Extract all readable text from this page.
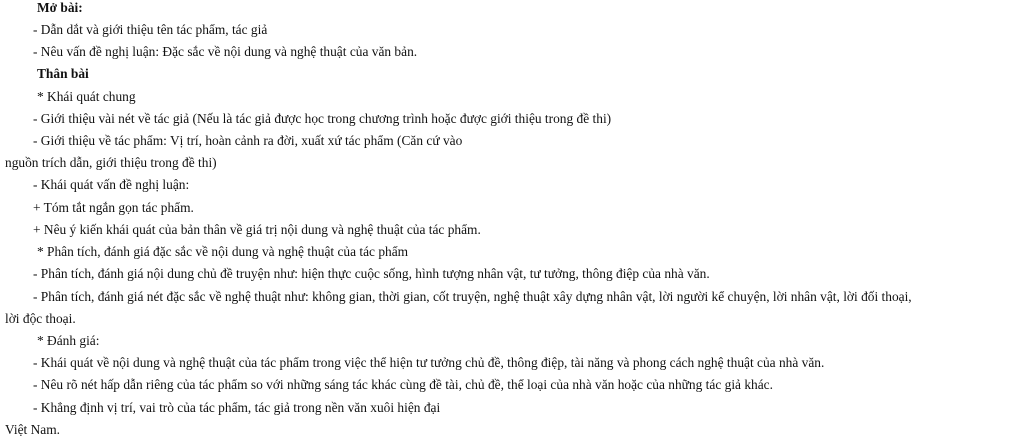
Mở bài:
- Dẫn dắt và giới thiệu tên tác phẩm, tác giả
- Nêu vấn đề nghị luận: Đặc sắc về nội dung và nghệ thuật của văn bản.
Thân bài
* Khái quát chung
- Giới thiệu vài nét về tác giả (Nếu là tác giả được học trong chương trình hoặc được giới thiệu trong đề thi)
- Giới thiệu về tác phẩm: Vị trí, hoàn cảnh ra đời, xuất xứ tác phẩm (Căn cứ vào
nguồn trích dẫn, giới thiệu trong đề thi)
- Khái quát vấn đề nghị luận:
+ Tóm tắt ngắn gọn tác phẩm.
+ Nêu ý kiến khái quát của bản thân về giá trị nội dung và nghệ thuật của tác phẩm.
* Phân tích, đánh giá đặc sắc về nội dung và nghệ thuật của tác phẩm
- Phân tích, đánh giá nội dung chủ đề truyện như: hiện thực cuộc sống, hình tượng nhân vật, tư tưởng, thông điệp của nhà văn.
- Phân tích, đánh giá nét đặc sắc về nghệ thuật như: không gian, thời gian, cốt truyện, nghệ thuật xây dựng nhân vật, lời người kể chuyện, lời nhân vật, lời đối thoại,
lời độc thoại.
* Đánh giá:
- Khái quát về nội dung và nghệ thuật của tác phẩm trong việc thể hiện tư tưởng chủ đề, thông điệp, tài năng và phong cách nghệ thuật của nhà văn.
- Nêu rõ nét hấp dẫn riêng của tác phẩm so với những sáng tác khác cùng đề tài, chủ đề, thể loại của nhà văn hoặc của những tác giả khác.
- Khẳng định vị trí, vai trò của tác phẩm, tác giả trong nền văn xuôi hiện đại
Việt Nam.
